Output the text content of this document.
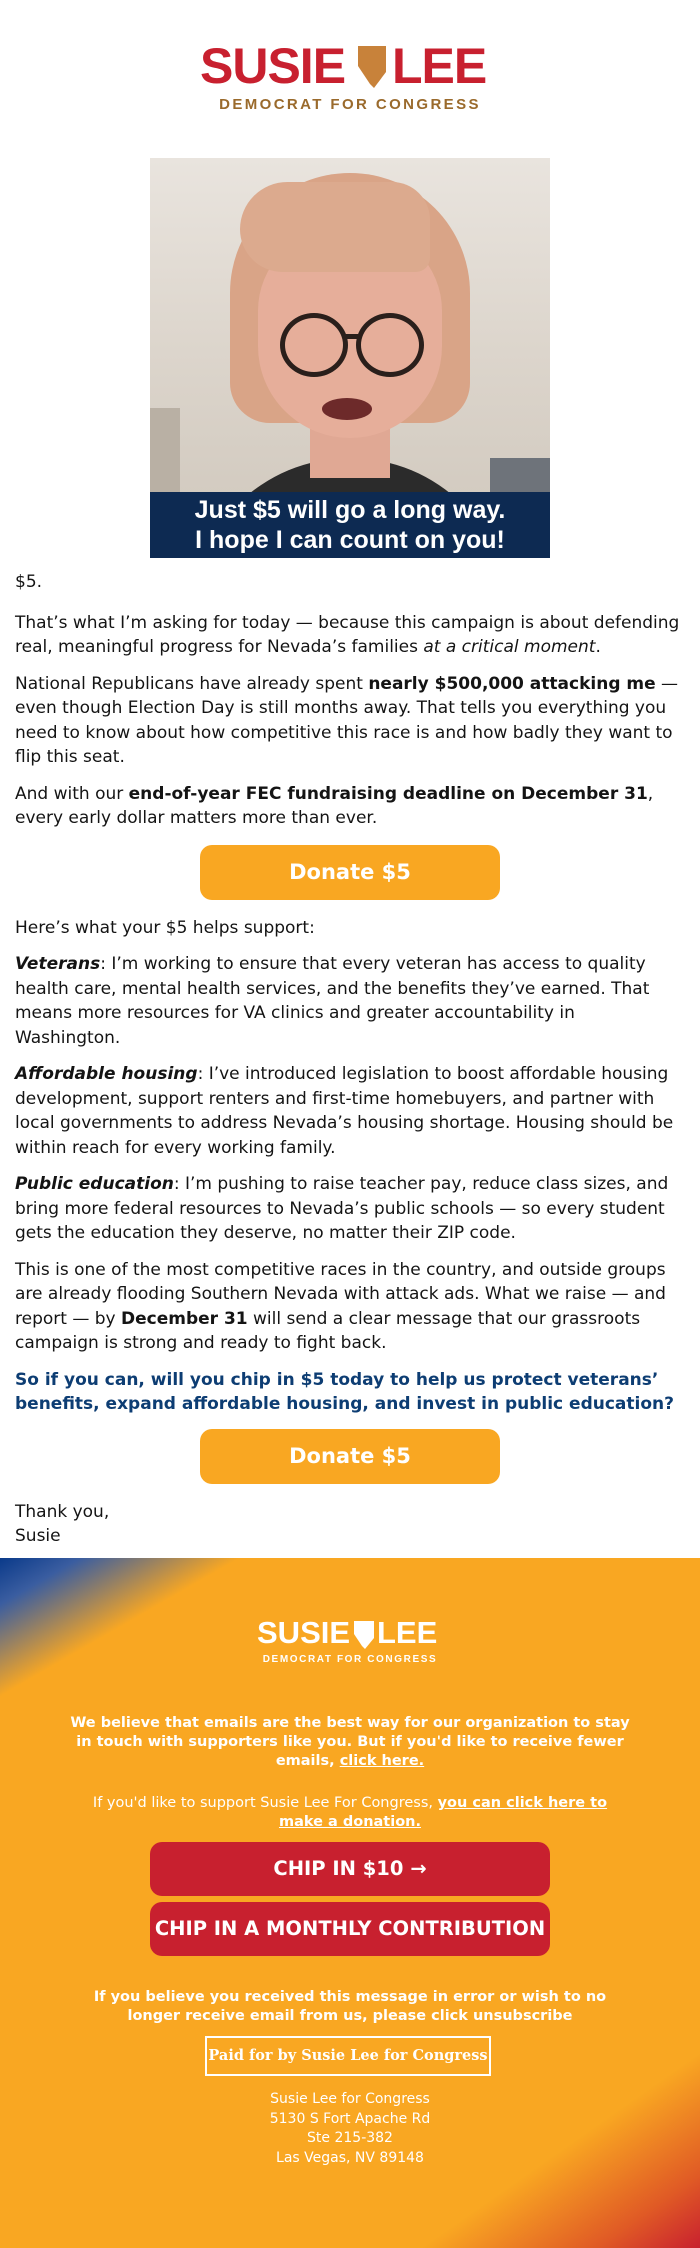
SUSIE LEE
DEMOCRAT FOR CONGRESS
Just $5 will go a long way.
I hope I can count on you!

$5.

That’s what I’m asking for today — because this campaign is about defending real, meaningful progress for Nevada’s families at a critical moment.

National Republicans have already spent nearly $500,000 attacking me — even though Election Day is still months away. That tells you everything you need to know about how competitive this race is and how badly they want to flip this seat.

And with our end-of-year FEC fundraising deadline on December 31, every early dollar matters more than ever.

Donate $5

Here’s what your $5 helps support:

Veterans: I’m working to ensure that every veteran has access to quality health care, mental health services, and the benefits they’ve earned. That means more resources for VA clinics and greater accountability in Washington.

Affordable housing: I’ve introduced legislation to boost affordable housing development, support renters and first-time homebuyers, and partner with local governments to address Nevada’s housing shortage. Housing should be within reach for every working family.

Public education: I’m pushing to raise teacher pay, reduce class sizes, and bring more federal resources to Nevada’s public schools — so every student gets the education they deserve, no matter their ZIP code.

This is one of the most competitive races in the country, and outside groups are already flooding Southern Nevada with attack ads. What we raise — and report — by December 31 will send a clear message that our grassroots campaign is strong and ready to fight back.

So if you can, will you chip in $5 today to help us protect veterans’ benefits, expand affordable housing, and invest in public education?

Donate $5

Thank you,
Susie

SUSIE LEE
DEMOCRAT FOR CONGRESS
We believe that emails are the best way for our organization to stay in touch with supporters like you. But if you'd like to receive fewer emails, click here.
If you'd like to support Susie Lee For Congress, you can click here to make a donation.
CHIP IN $10 →
CHIP IN A MONTHLY CONTRIBUTION
If you believe you received this message in error or wish to no longer receive email from us, please click unsubscribe
Paid for by Susie Lee for Congress
Susie Lee for Congress
5130 S Fort Apache Rd
Ste 215-382
Las Vegas, NV 89148
